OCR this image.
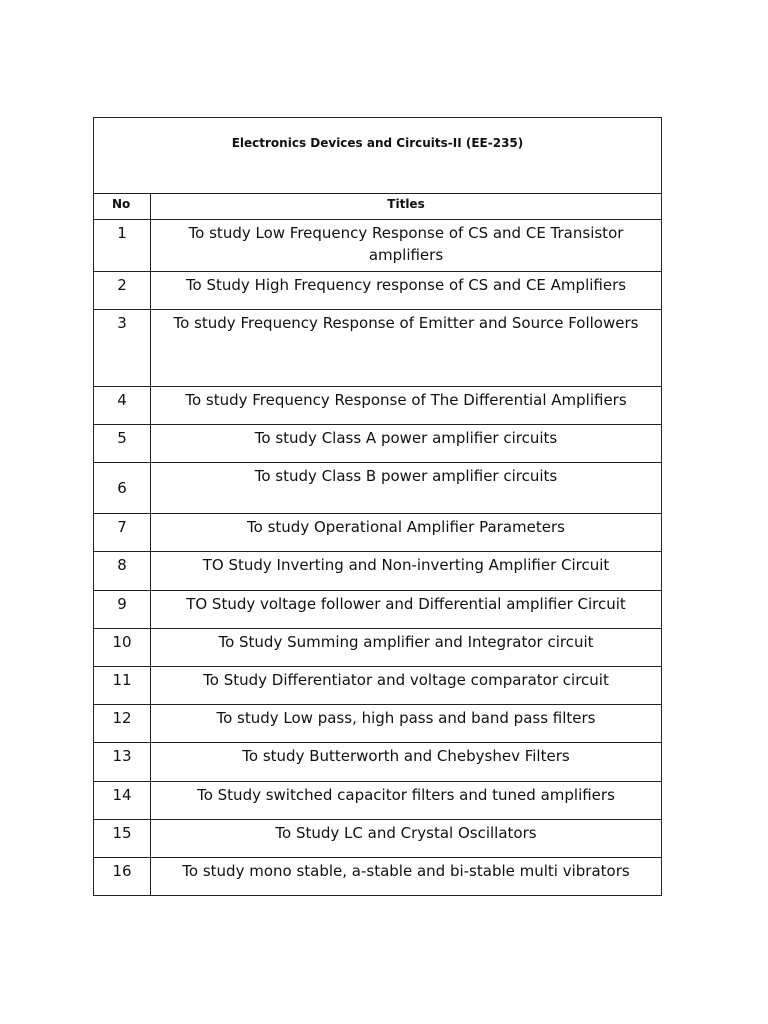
Electronics Devices and Circuits-II (EE-235)	
No	Titles
1	To study Low Frequency Response of CS and CE Transistor amplifiers
2	To Study High Frequency response of CS and CE Amplifiers
3	To study Frequency Response of Emitter and Source Followers
4	To study Frequency Response of The Differential Amplifiers
5	To study Class A power amplifier circuits
6	To study Class B power amplifier circuits
7	To study Operational Amplifier Parameters
8	TO Study Inverting and Non-inverting Amplifier Circuit
9	TO Study voltage follower and Differential amplifier Circuit
10	To Study Summing amplifier and Integrator circuit
11	To Study Differentiator and voltage comparator circuit
12	To study Low pass, high pass and band pass filters
13	To study Butterworth and Chebyshev Filters
14	To Study switched capacitor filters and tuned amplifiers
15	To Study LC and Crystal Oscillators
16	To study mono stable, a-stable and bi-stable multi vibrators
